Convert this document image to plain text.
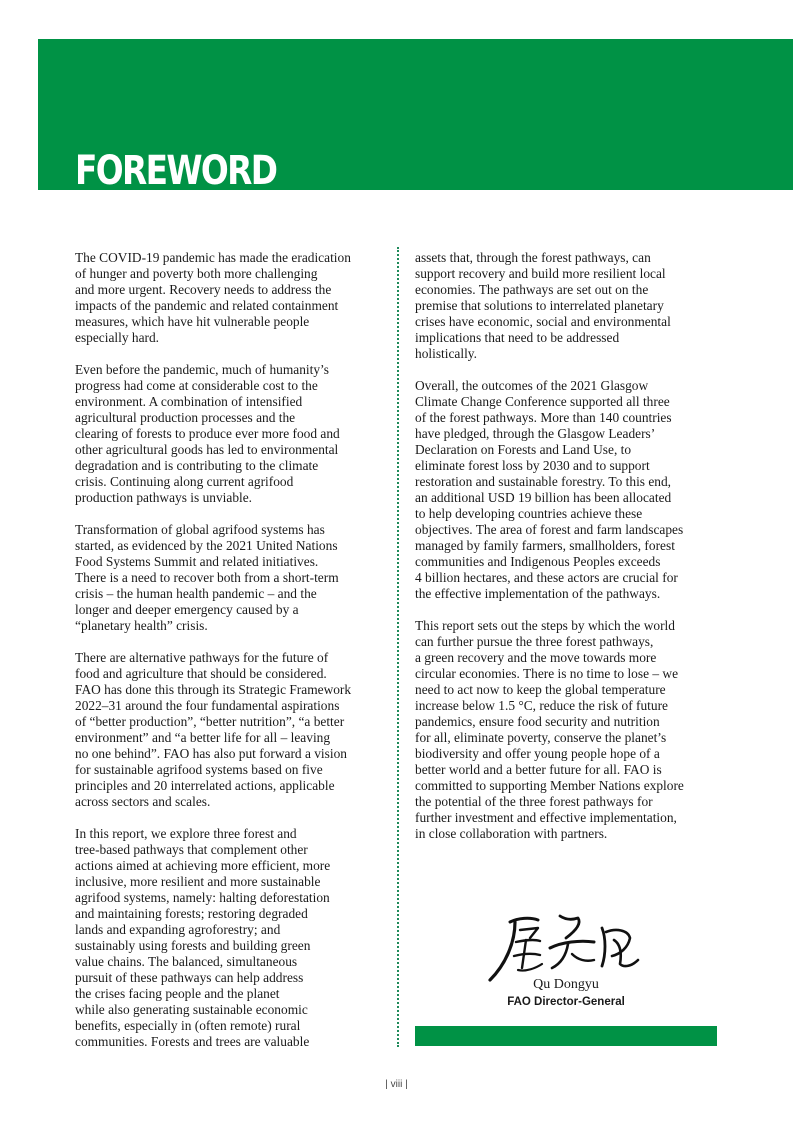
FOREWORD

The COVID-19 pandemic has made the eradication
of hunger and poverty both more challenging
and more urgent. Recovery needs to address the
impacts of the pandemic and related containment
measures, which have hit vulnerable people
especially hard.

Even before the pandemic, much of humanity’s
progress had come at considerable cost to the
environment. A combination of intensified
agricultural production processes and the
clearing of forests to produce ever more food and
other agricultural goods has led to environmental
degradation and is contributing to the climate
crisis. Continuing along current agrifood
production pathways is unviable.

Transformation of global agrifood systems has
started, as evidenced by the 2021 United Nations
Food Systems Summit and related initiatives.
There is a need to recover both from a short-term
crisis – the human health pandemic – and the
longer and deeper emergency caused by a
“planetary health” crisis.

There are alternative pathways for the future of
food and agriculture that should be considered.
FAO has done this through its Strategic Framework
2022–31 around the four fundamental aspirations
of “better production”, “better nutrition”, “a better
environment” and “a better life for all – leaving
no one behind”. FAO has also put forward a vision
for sustainable agrifood systems based on five
principles and 20 interrelated actions, applicable
across sectors and scales.

In this report, we explore three forest and
tree-based pathways that complement other
actions aimed at achieving more efficient, more
inclusive, more resilient and more sustainable
agrifood systems, namely: halting deforestation
and maintaining forests; restoring degraded
lands and expanding agroforestry; and
sustainably using forests and building green
value chains. The balanced, simultaneous
pursuit of these pathways can help address
the crises facing people and the planet
while also generating sustainable economic
benefits, especially in (often remote) rural
communities. Forests and trees are valuable

assets that, through the forest pathways, can
support recovery and build more resilient local
economies. The pathways are set out on the
premise that solutions to interrelated planetary
crises have economic, social and environmental
implications that need to be addressed
holistically.

Overall, the outcomes of the 2021 Glasgow
Climate Change Conference supported all three
of the forest pathways. More than 140 countries
have pledged, through the Glasgow Leaders’
Declaration on Forests and Land Use, to
eliminate forest loss by 2030 and to support
restoration and sustainable forestry. To this end,
an additional USD 19 billion has been allocated
to help developing countries achieve these
objectives. The area of forest and farm landscapes
managed by family farmers, smallholders, forest
communities and Indigenous Peoples exceeds
4 billion hectares, and these actors are crucial for
the effective implementation of the pathways.

This report sets out the steps by which the world
can further pursue the three forest pathways,
a green recovery and the move towards more
circular economies. There is no time to lose – we
need to act now to keep the global temperature
increase below 1.5 °C, reduce the risk of future
pandemics, ensure food security and nutrition
for all, eliminate poverty, conserve the planet’s
biodiversity and offer young people hope of a
better world and a better future for all. FAO is
committed to supporting Member Nations explore
the potential of the three forest pathways for
further investment and effective implementation,
in close collaboration with partners.

Qu Dongyu
FAO Director-General
| viii |
